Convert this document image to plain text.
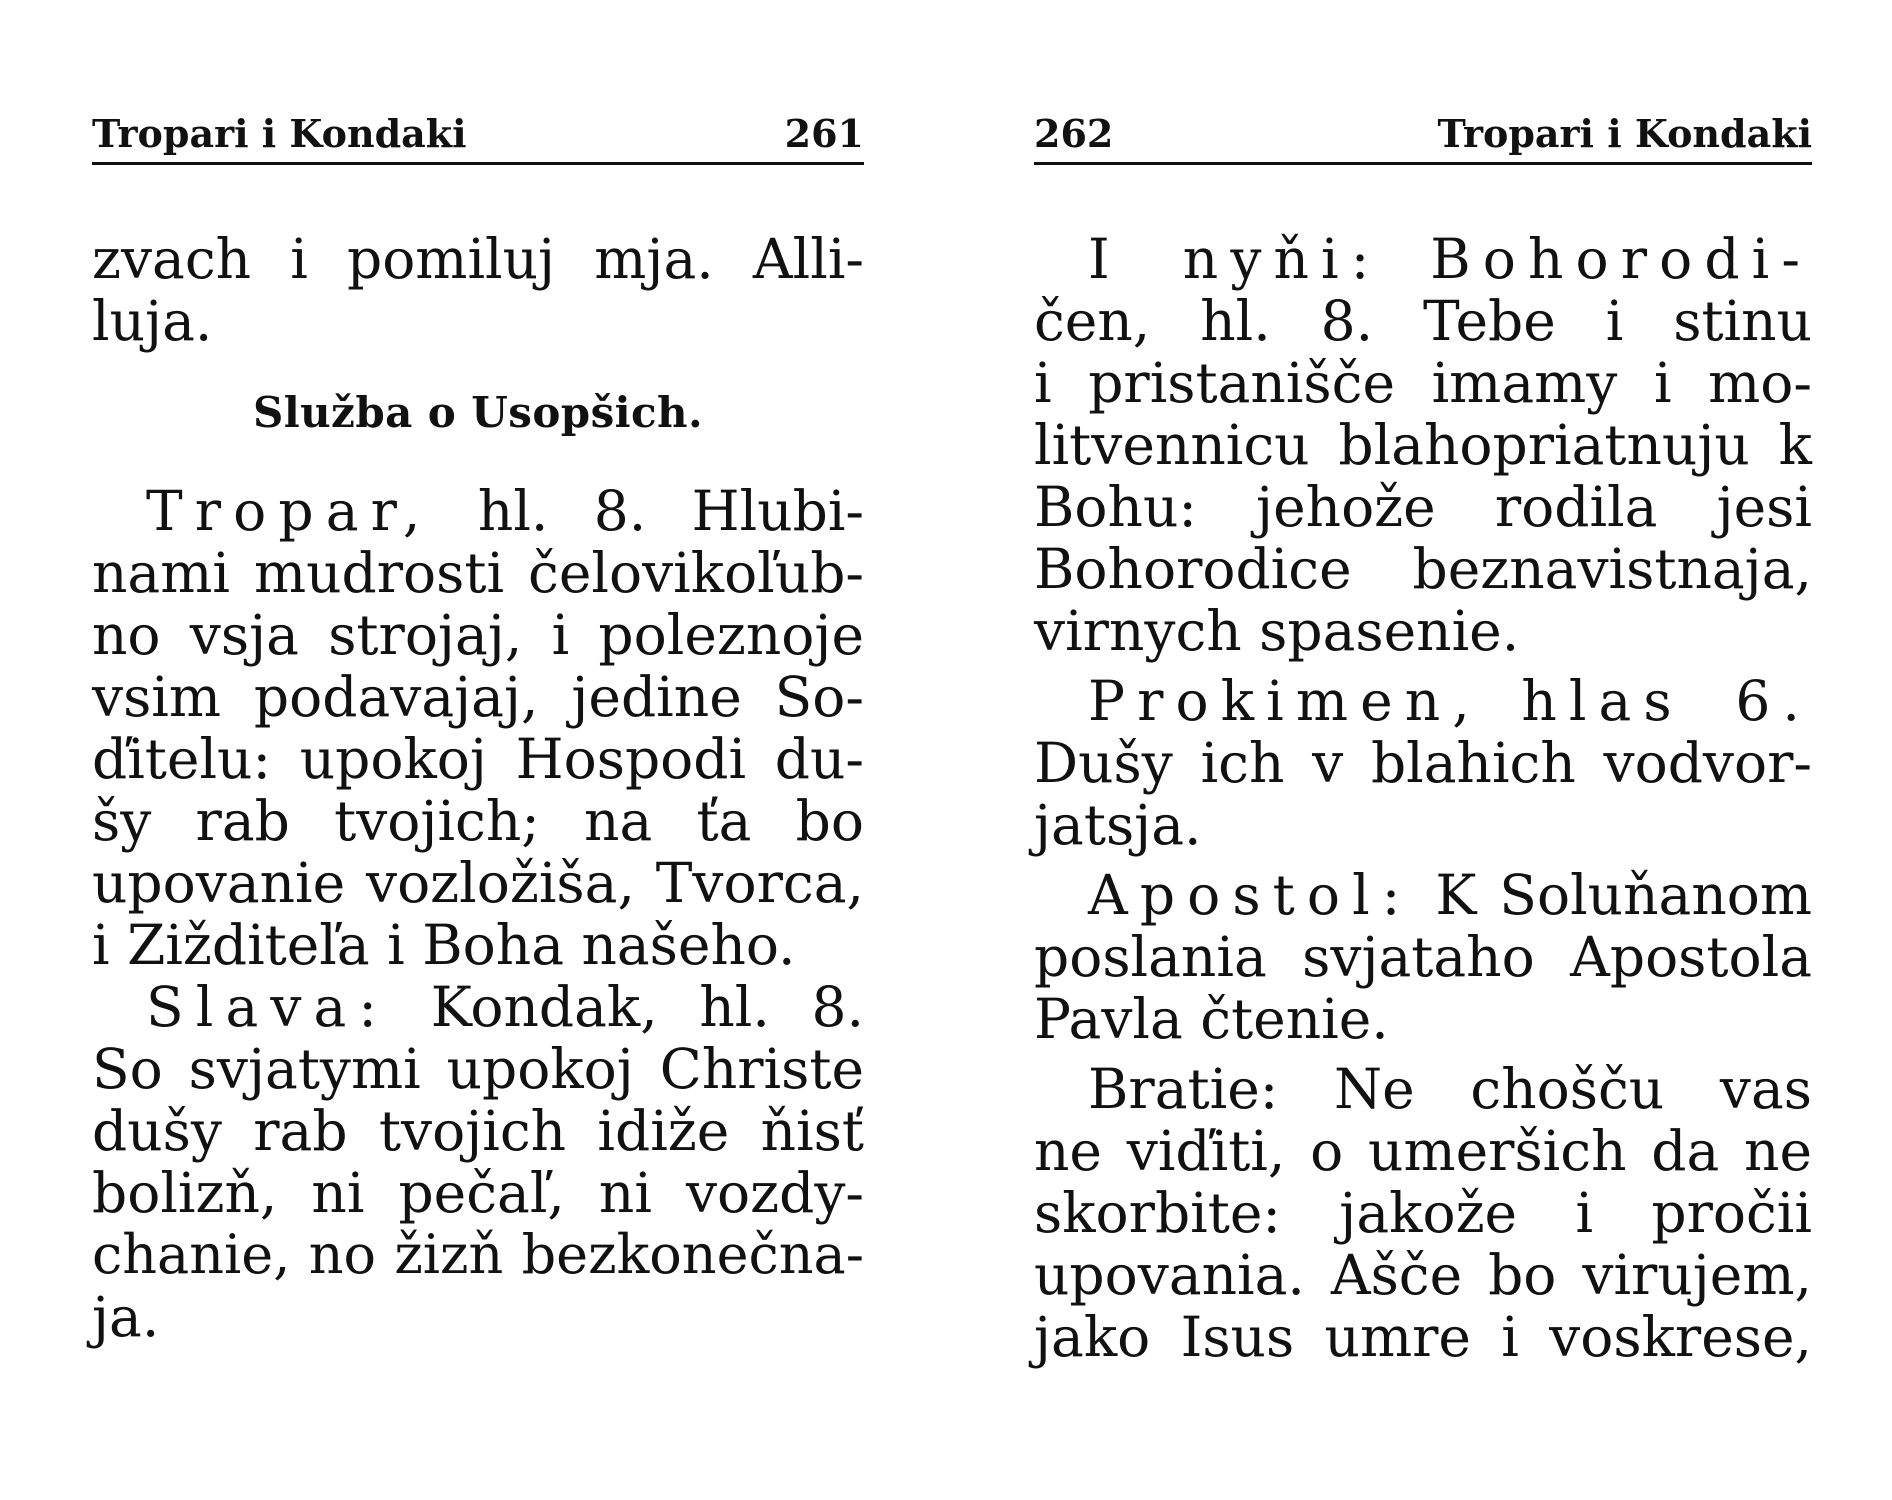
Tropari i Kondaki	261
zvach i pomiluj mja. Alli-
luja.
Služba o Usopšich.
Tropar, hl. 8. Hlubi-
nami mudrosti čelovikoľub-
no vsja strojaj, i poleznoje
vsim podavajaj, jedine So-
ďitelu: upokoj Hospodi du-
šy rab tvojich; na ťa bo
upovanie vozložiša, Tvorca,
i Zižditeľa i Boha našeho.
Slava: Kondak, hl. 8.
So svjatymi upokoj Christe
dušy rab tvojich idiže ňisť
bolizň, ni pečaľ, ni vozdy-
chanie, no žizň bezkonečna-
ja.
262	Tropari i Kondaki
I nyňi: Bohorodi-
čen, hl. 8. Tebe i stinu
i pristanišče imamy i mo-
litvennicu blahopriatnuju k
Bohu: jehože rodila jesi
Bohorodice beznavistnaja,
virnych spasenie.
Prokimen, hlas 6.
Dušy ich v blahich vodvor-
jatsja.
Apostol: K Soluňanom
poslania svjataho Apostola
Pavla čtenie.
Bratie: Ne chošču vas
ne viďiti, o umeršich da ne
skorbite: jakože i pročii
upovania. Ašče bo virujem,
jako Isus umre i voskrese,
